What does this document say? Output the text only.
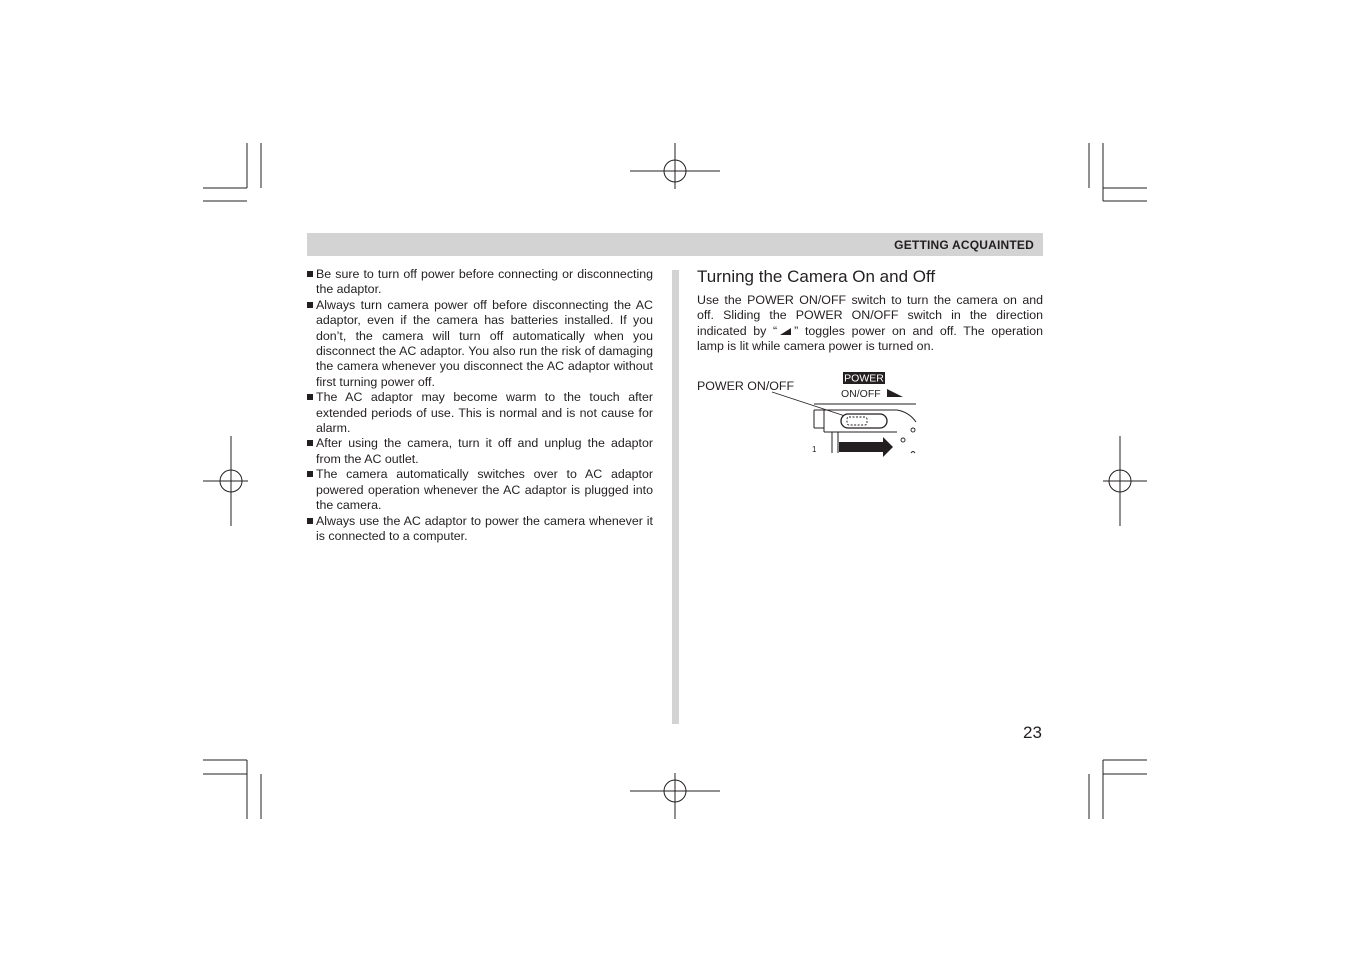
GETTING ACQUAINTED

Be sure to turn off power before connecting or disconnecting the adaptor.

Always turn camera power off before disconnecting the AC adaptor, even if the camera has batteries installed. If you don’t, the camera will turn off automatically when you disconnect the AC adaptor. You also run the risk of damaging the camera whenever you disconnect the AC adaptor without first turning power off.

The AC adaptor may become warm to the touch after extended periods of use. This is normal and is not cause for alarm.

After using the camera, turn it off and unplug the adaptor from the AC outlet.

The camera automatically switches over to AC adaptor powered operation whenever the AC adaptor is plugged into the camera.

Always use the AC adaptor to power the camera whenever it is connected to a computer.

Turning the Camera On and Off

Use the POWER ON/OFF switch to turn the camera on and off. Sliding the POWER ON/OFF switch in the direction indicated by “ ” toggles power on and off. The operation lamp is lit while camera power is turned on.

POWER ON/OFF
POWER
ON/OFF
1
23
